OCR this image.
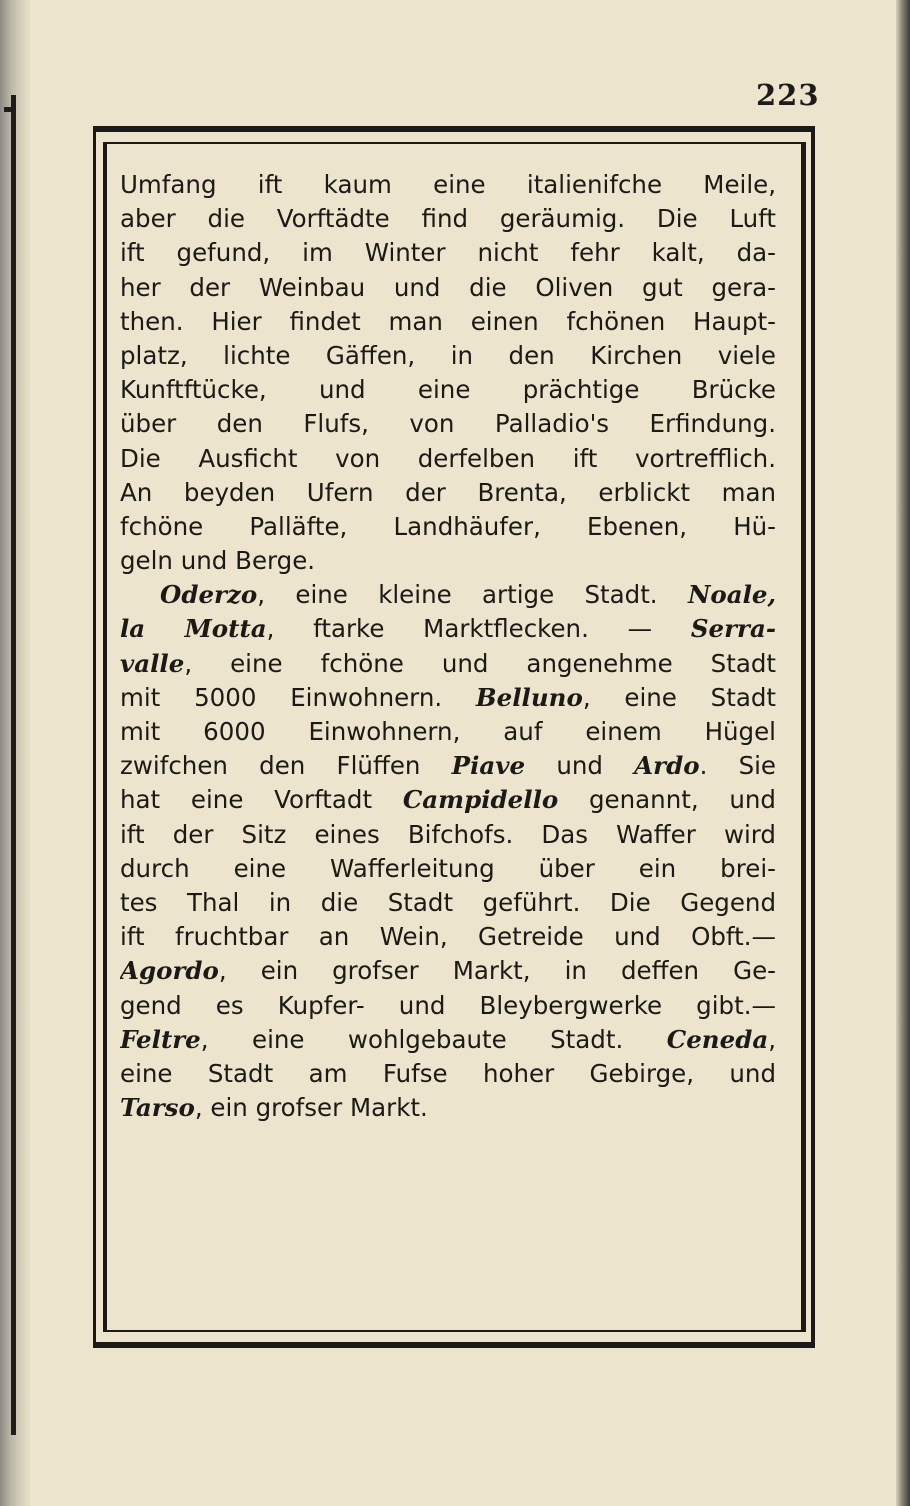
223
Umfang ift kaum eine italienifche Meile,
aber die Vorftädte find geräumig. Die Luft
ift gefund, im Winter nicht fehr kalt, da-
her der Weinbau und die Oliven gut gera-
then. Hier findet man einen fchönen Haupt-
platz, lichte Gäffen, in den Kirchen viele
Kunftftücke, und eine prächtige Brücke
über den Flufs, von Palladio's Erfindung.
Die Ausficht von derfelben ift vortrefflich.
An beyden Ufern der Brenta, erblickt man
fchöne Palläfte, Landhäufer, Ebenen, Hü-
geln und Berge.
Oderzo, eine kleine artige Stadt. Noale,
la Motta, ftarke Marktflecken. — Serra-
valle, eine fchöne und angenehme Stadt
mit 5000 Einwohnern. Belluno, eine Stadt
mit 6000 Einwohnern, auf einem Hügel
zwifchen den Flüffen Piave und Ardo. Sie
hat eine Vorftadt Campidello genannt, und
ift der Sitz eines Bifchofs. Das Waffer wird
durch eine Wafferleitung über ein brei-
tes Thal in die Stadt geführt. Die Gegend
ift fruchtbar an Wein, Getreide und Obft.—
Agordo, ein grofser Markt, in deffen Ge-
gend es Kupfer- und Bleybergwerke gibt.—
Feltre, eine wohlgebaute Stadt. Ceneda,
eine Stadt am Fufse hoher Gebirge, und
Tarso, ein grofser Markt.
